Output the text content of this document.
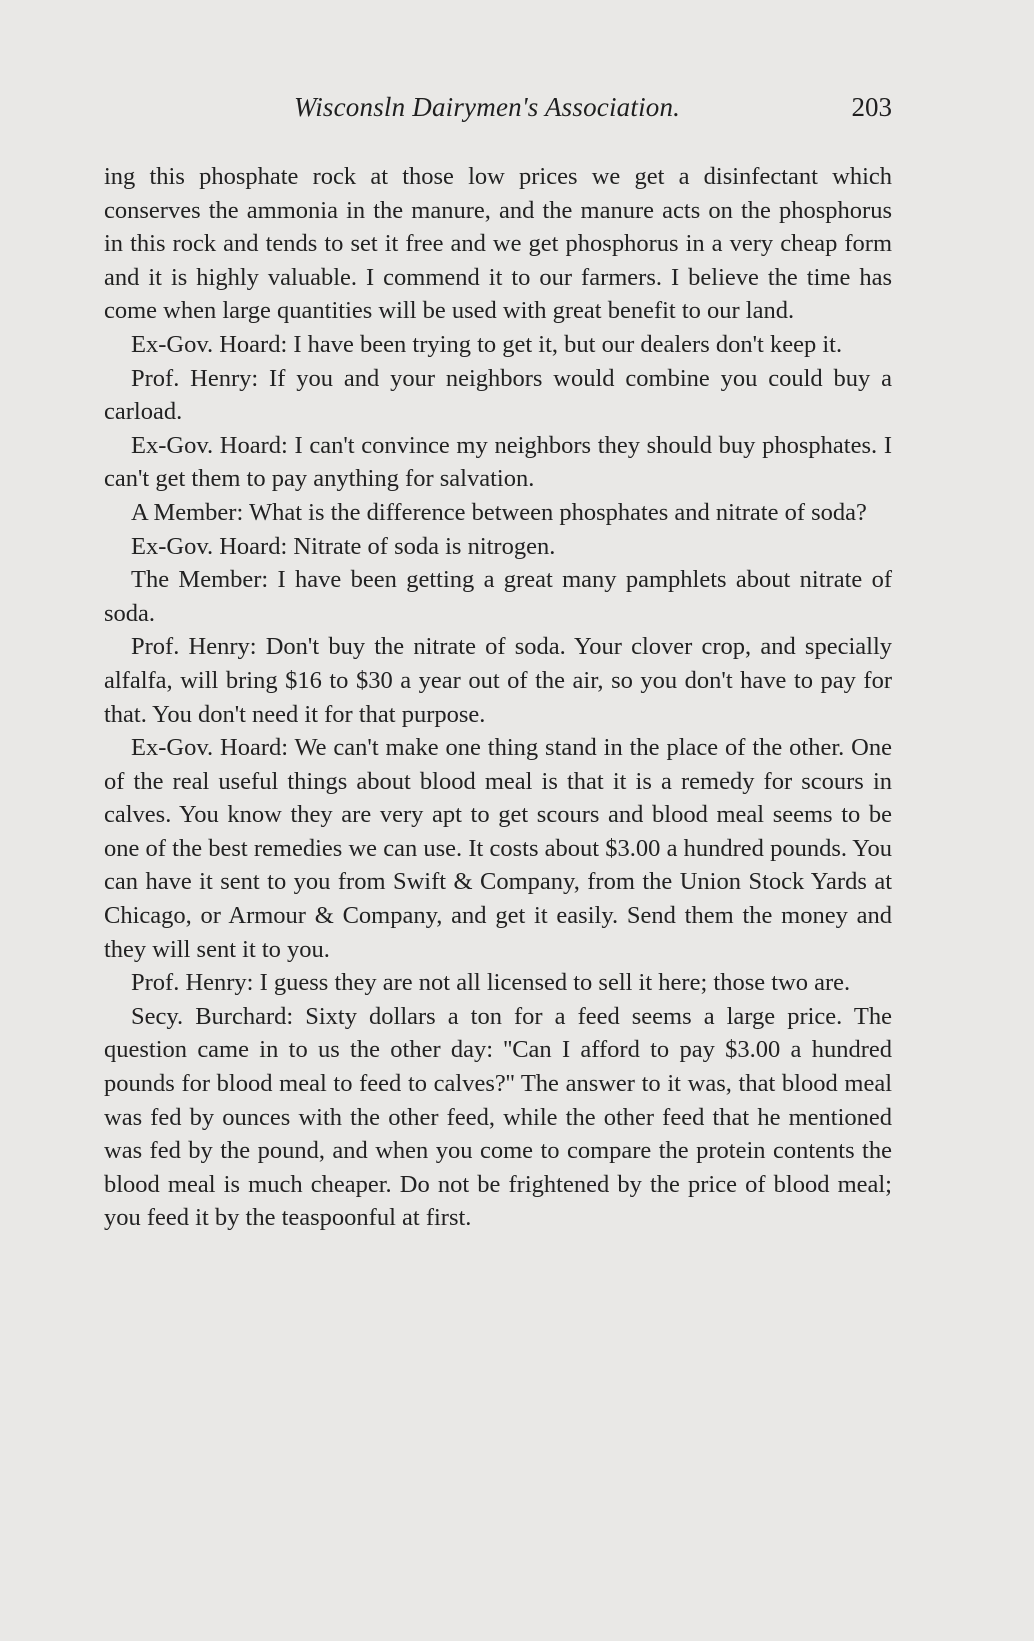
Wisconsln Dairymen's Association.	203

ing this phosphate rock at those low prices we get a disinfectant which conserves the ammonia in the manure, and the manure acts on the phosphorus in this rock and tends to set it free and we get phosphorus in a very cheap form and it is highly valuable. I commend it to our farmers. I believe the time has come when large quantities will be used with great benefit to our land.

Ex-Gov. Hoard: I have been trying to get it, but our dealers don't keep it.

Prof. Henry: If you and your neighbors would combine you could buy a carload.

Ex-Gov. Hoard: I can't convince my neighbors they should buy phosphates. I can't get them to pay anything for salvation.

A Member: What is the difference between phosphates and nitrate of soda?

Ex-Gov. Hoard: Nitrate of soda is nitrogen.

The Member: I have been getting a great many pamphlets about nitrate of soda.

Prof. Henry: Don't buy the nitrate of soda. Your clover crop, and specially alfalfa, will bring $16 to $30 a year out of the air, so you don't have to pay for that. You don't need it for that purpose.

Ex-Gov. Hoard: We can't make one thing stand in the place of the other. One of the real useful things about blood meal is that it is a remedy for scours in calves. You know they are very apt to get scours and blood meal seems to be one of the best remedies we can use. It costs about $3.00 a hundred pounds. You can have it sent to you from Swift & Company, from the Union Stock Yards at Chicago, or Armour & Company, and get it easily. Send them the money and they will sent it to you.

Prof. Henry: I guess they are not all licensed to sell it here; those two are.

Secy. Burchard: Sixty dollars a ton for a feed seems a large price. The question came in to us the other day: ''Can I afford to pay $3.00 a hundred pounds for blood meal to feed to calves?'' The answer to it was, that blood meal was fed by ounces with the other feed, while the other feed that he mentioned was fed by the pound, and when you come to compare the protein contents the blood meal is much cheaper. Do not be frightened by the price of blood meal; you feed it by the teaspoonful at first.
